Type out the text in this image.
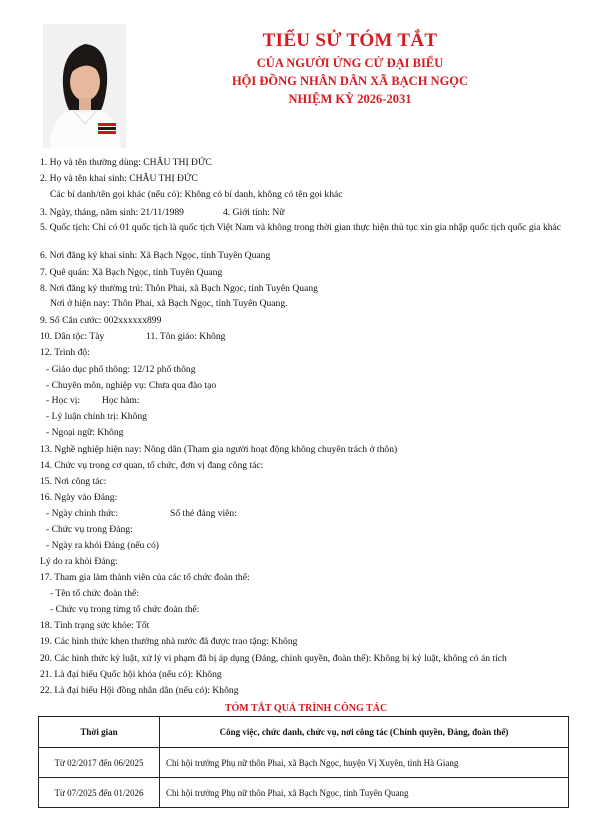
TIỂU SỬ TÓM TẮT
CỦA NGƯỜI ỨNG CỬ ĐẠI BIỂU
HỘI ĐỒNG NHÂN DÂN XÃ BẠCH NGỌC
NHIỆM KỲ 2026-2031
1. Họ và tên thường dùng: CHÂU THỊ ĐỨC
2. Họ và tên khai sinh: CHÂU THỊ ĐỨC
Các bí danh/tên gọi khác (nếu có): Không có bí danh, không có tên gọi khác
3. Ngày, tháng, năm sinh: 21/11/1989	4. Giới tính: Nữ
5. Quốc tịch: Chỉ có 01 quốc tịch là quốc tịch Việt Nam và không trong thời gian thực hiện thủ tục xin gia nhập quốc tịch quốc gia khác
6. Nơi đăng ký khai sinh: Xã Bạch Ngọc, tỉnh Tuyên Quang
7. Quê quán: Xã Bạch Ngọc, tỉnh Tuyên Quang
8. Nơi đăng ký thường trú: Thôn Phai, xã Bạch Ngọc, tỉnh Tuyên Quang
Nơi ở hiện nay: Thôn Phai, xã Bạch Ngọc, tỉnh Tuyên Quang.
9. Số Căn cước: 002xxxxxx899
10. Dân tộc: Tày	11. Tôn giáo: Không
12. Trình độ:
- Giáo dục phổ thông: 12/12 phổ thông
- Chuyên môn, nghiệp vụ: Chưa qua đào tạo
- Học vị: Học hàm:
- Lý luận chính trị: Không
- Ngoại ngữ: Không
13. Nghề nghiệp hiện nay: Nông dân (Tham gia người hoạt động không chuyên trách ở thôn)
14. Chức vụ trong cơ quan, tổ chức, đơn vị đang công tác:
15. Nơi công tác:
16. Ngày vào Đảng:
- Ngày chính thức:	Số thẻ đảng viên:
- Chức vụ trong Đảng:
- Ngày ra khỏi Đảng (nếu có)
Lý do ra khỏi Đảng:
17. Tham gia làm thành viên của các tổ chức đoàn thể:
- Tên tổ chức đoàn thể:
- Chức vụ trong từng tổ chức đoàn thể:
18. Tình trạng sức khỏe: Tốt
19. Các hình thức khen thưởng nhà nước đã được trao tặng: Không
20. Các hình thức kỷ luật, xử lý vi phạm đã bị áp dụng (Đảng, chính quyền, đoàn thể): Không bị kỷ luật, không có án tích
21. Là đại biểu Quốc hội khóa (nếu có): Không
22. Là đại biểu Hội đồng nhân dân (nếu có): Không
TÓM TẮT QUÁ TRÌNH CÔNG TÁC
Thời gian	Công việc, chức danh, chức vụ, nơi công tác (Chính quyền, Đảng, đoàn thể)
Từ 02/2017 đến 06/2025	Chi hội trưởng Phụ nữ thôn Phai, xã Bạch Ngọc, huyện Vị Xuyên, tỉnh Hà Giang
Từ 07/2025 đến 01/2026	Chi hội trưởng Phụ nữ thôn Phai, xã Bạch Ngọc, tỉnh Tuyên Quang
